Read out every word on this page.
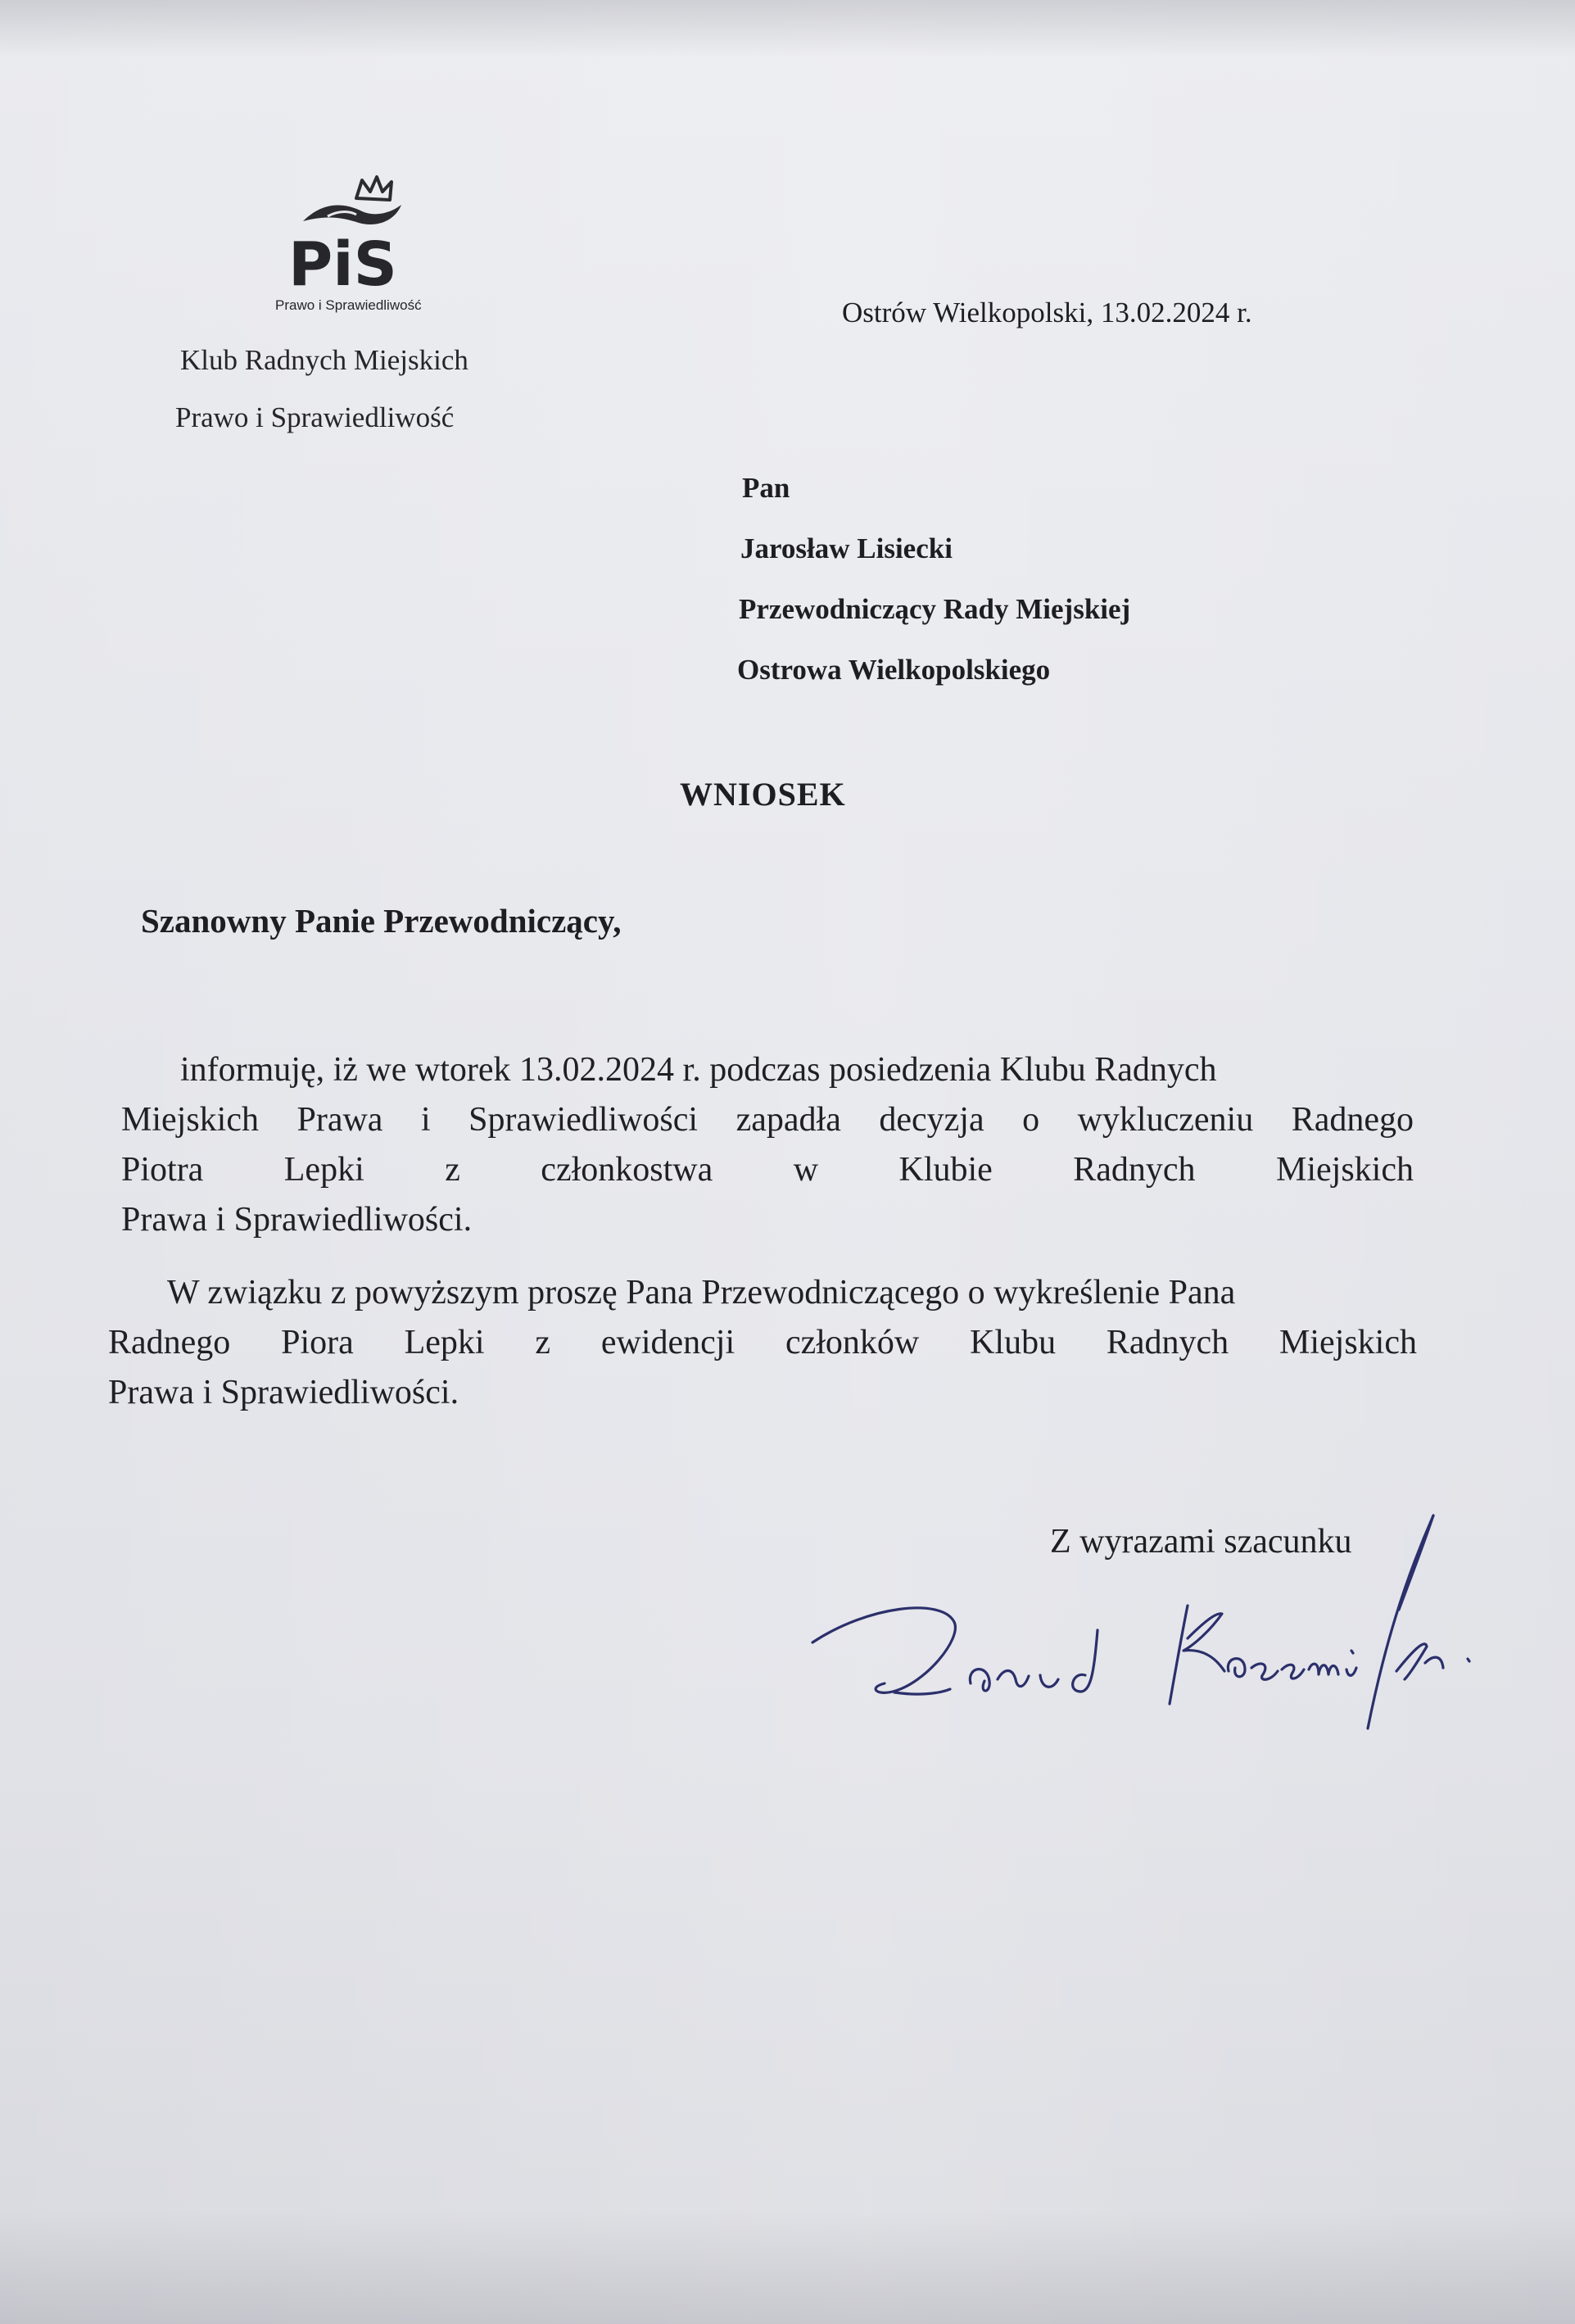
PiS
Prawo i Sprawiedliwość
Klub Radnych Miejskich
Prawo i Sprawiedliwość
Ostrów Wielkopolski, 13.02.2024 r.
Pan
Jarosław Lisiecki
Przewodniczący Rady Miejskiej
Ostrowa Wielkopolskiego
WNIOSEK
Szanowny Panie Przewodniczący,
informuję, iż we wtorek 13.02.2024 r. podczas posiedzenia Klubu Radnych
Miejskich Prawa i Sprawiedliwości zapadła decyzja o wykluczeniu Radnego
Piotra Lepki z członkostwa w Klubie Radnych Miejskich
Prawa i Sprawiedliwości.
W związku z powyższym proszę Pana Przewodniczącego o wykreślenie Pana
Radnego Piora Lepki z ewidencji członków Klubu Radnych Miejskich
Prawa i Sprawiedliwości.
Z wyrazami szacunku
